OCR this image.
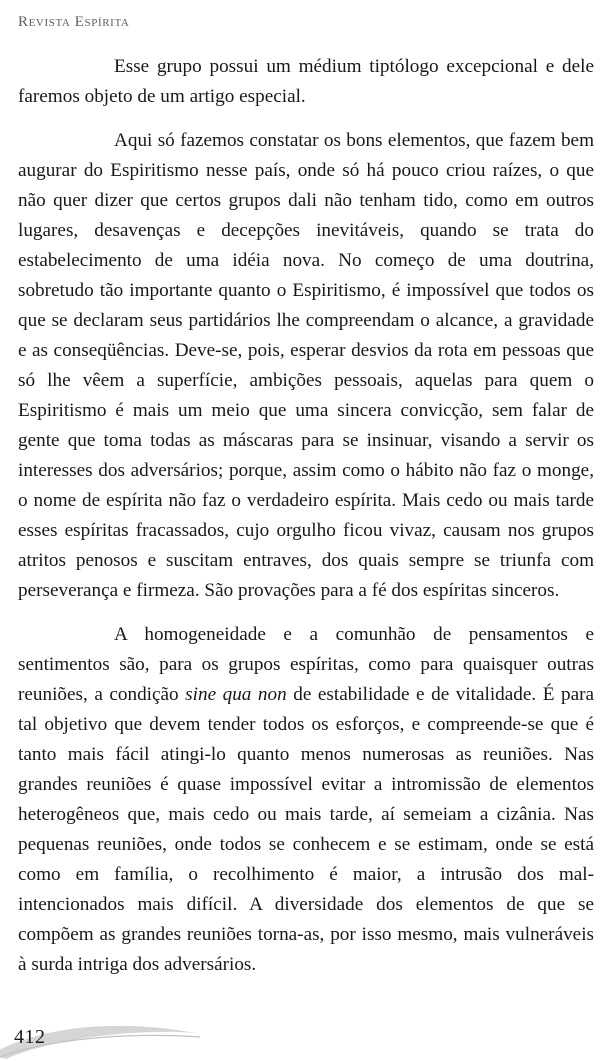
Revista Espírita

Esse grupo possui um médium tiptólogo excepcional e dele faremos objeto de um artigo especial.

Aqui só fazemos constatar os bons elementos, que fazem bem augurar do Espiritismo nesse país, onde só há pouco criou raízes, o que não quer dizer que certos grupos dali não tenham tido, como em outros lugares, desavenças e decepções inevitáveis, quando se trata do estabelecimento de uma idéia nova. No começo de uma doutrina, sobretudo tão importante quanto o Espiritismo, é impossível que todos os que se declaram seus partidários lhe compreendam o alcance, a gravidade e as conseqüências. Deve-se, pois, esperar desvios da rota em pessoas que só lhe vêem a superfície, ambições pessoais, aquelas para quem o Espiritismo é mais um meio que uma sincera convicção, sem falar de gente que toma todas as máscaras para se insinuar, visando a servir os interesses dos adversários; porque, assim como o hábito não faz o monge, o nome de espírita não faz o verdadeiro espírita. Mais cedo ou mais tarde esses espíritas fracassados, cujo orgulho ficou vivaz, causam nos grupos atritos penosos e suscitam entraves, dos quais sempre se triunfa com perseverança e firmeza. São provações para a fé dos espíritas sinceros.

A homogeneidade e a comunhão de pensamentos e sentimentos são, para os grupos espíritas, como para quaisquer outras reuniões, a condição sine qua non de estabilidade e de vitalidade. É para tal objetivo que devem tender todos os esforços, e compreende-se que é tanto mais fácil atingi-lo quanto menos numerosas as reuniões. Nas grandes reuniões é quase impossível evitar a intromissão de elementos heterogêneos que, mais cedo ou mais tarde, aí semeiam a cizânia. Nas pequenas reuniões, onde todos se conhecem e se estimam, onde se está como em família, o recolhimento é maior, a intrusão dos mal-intencionados mais difícil. A diversidade dos elementos de que se compõem as grandes reuniões torna-as, por isso mesmo, mais vulneráveis à surda intriga dos adversários.

412
